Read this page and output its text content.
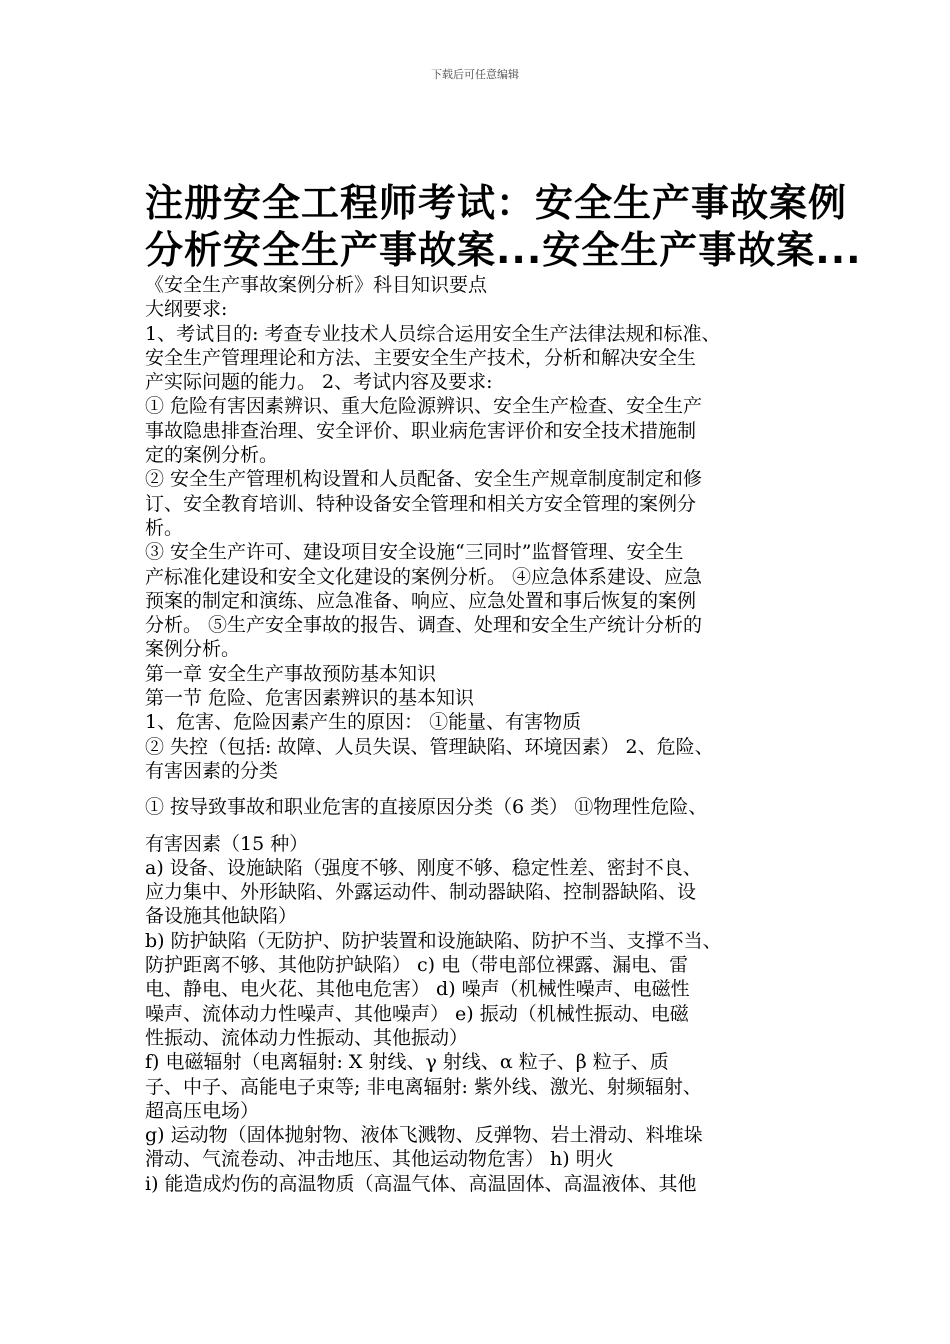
下载后可任意编辑
注册安全工程师考试：安全生产事故案例
分析安全生产事故案...安全生产事故案...
《安全生产事故案例分析》科目知识要点
大纲要求:
1、考试目的: 考查专业技术人员综合运用安全生产法律法规和标准、
安全生产管理理论和方法、主要安全生产技术，分析和解决安全生
产实际问题的能力。 2、考试内容及要求:
① 危险有害因素辨识、重大危险源辨识、安全生产检查、安全生产
事故隐患排查治理、安全评价、职业病危害评价和安全技术措施制
定的案例分析。
② 安全生产管理机构设置和人员配备、安全生产规章制度制定和修
订、安全教育培训、特种设备安全管理和相关方安全管理的案例分
析。
③ 安全生产许可、建设项目安全设施“三同时”监督管理、安全生
产标准化建设和安全文化建设的案例分析。 ④应急体系建设、应急
预案的制定和演练、应急准备、响应、应急处置和事后恢复的案例
分析。 ⑤生产安全事故的报告、调查、处理和安全生产统计分析的
案例分析。
第一章 安全生产事故预防基本知识
第一节 危险、危害因素辨识的基本知识
1、危害、危险因素产生的原因： ①能量、有害物质
② 失控（包括: 故障、人员失误、管理缺陷、环境因素） 2、危险、
有害因素的分类
① 按导致事故和职业危害的直接原因分类（6 类） ⑪物理性危险、
有害因素（15 种）
a) 设备、设施缺陷（强度不够、刚度不够、稳定性差、密封不良、
应力集中、外形缺陷、外露运动件、制动器缺陷、控制器缺陷、设
备设施其他缺陷）
b) 防护缺陷（无防护、防护装置和设施缺陷、防护不当、支撑不当、
防护距离不够、其他防护缺陷） c) 电（带电部位裸露、漏电、雷
电、静电、电火花、其他电危害） d) 噪声（机械性噪声、电磁性
噪声、流体动力性噪声、其他噪声） e) 振动（机械性振动、电磁
性振动、流体动力性振动、其他振动）
f) 电磁辐射（电离辐射: X 射线、γ 射线、α 粒子、β 粒子、质
子、中子、高能电子束等; 非电离辐射: 紫外线、激光、射频辐射、
超高压电场）
g) 运动物（固体抛射物、液体飞溅物、反弹物、岩土滑动、料堆垛
滑动、气流卷动、冲击地压、其他运动物危害） h) 明火
i) 能造成灼伤的高温物质（高温气体、高温固体、高温液体、其他
